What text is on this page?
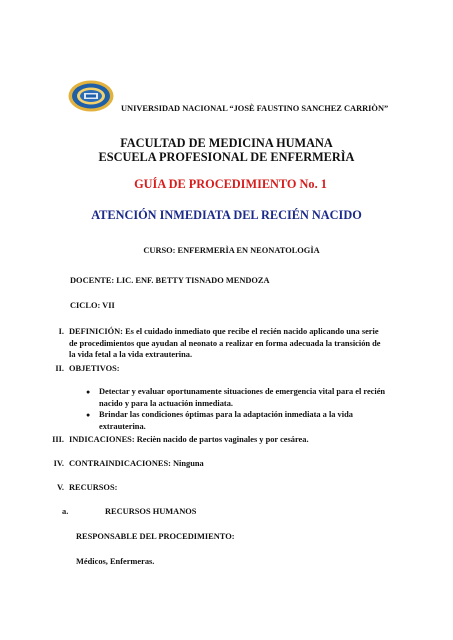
UNIVERSIDAD NACIONAL “JOSÈ FAUSTINO SANCHEZ CARRIÒN”
FACULTAD DE MEDICINA HUMANA
ESCUELA PROFESIONAL DE ENFERMERÌA
GUÍA DE PROCEDIMIENTO No. 1
ATENCIÓN INMEDIATA DEL RECIÉN NACIDO
CURSO: ENFERMERÌA EN NEONATOLOGÌA
DOCENTE: LIC. ENF. BETTY TISNADO MENDOZA
CICLO: VII
I. DEFINICIÓN: Es el cuidado inmediato que recibe el recién nacido aplicando una serie
de procedimientos que ayudan al neonato a realizar en forma adecuada la transición de
la vida fetal a la vida extrauterina.
II. OBJETIVOS:
● Detectar y evaluar oportunamente situaciones de emergencia vital para el recién
nacido y para la actuación inmediata.
● Brindar las condiciones óptimas para la adaptación inmediata a la vida
extrauterina.
III. INDICACIONES: Recièn nacido de partos vaginales y por cesárea.
IV. CONTRAINDICACIONES: Ninguna
V. RECURSOS:
a.	RECURSOS HUMANOS
RESPONSABLE DEL PROCEDIMIENTO:
Médicos, Enfermeras.
